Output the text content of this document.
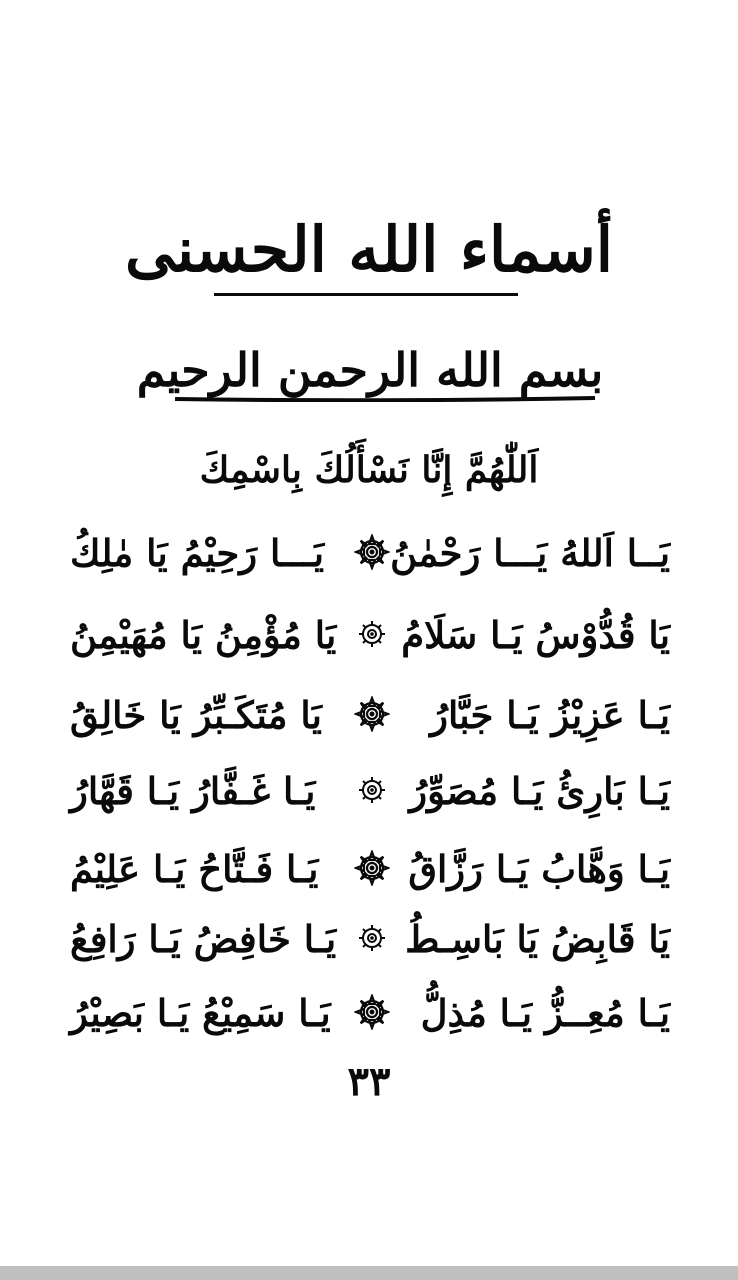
أسماء الله الحسنى
بسم الله الرحمن الرحيم
اَللّٰهُمَّ إِنَّا نَسْأَلُكَ بِاسْمِكَ
يَــا اَللهُ يَـــا رَحْمٰنُ
يَـــا رَحِيْمُ يَا مٰلِكُ
يَا قُدُّوْسُ يَـا سَلَامُ
يَا مُؤْمِنُ يَا مُهَيْمِنُ
يَـا عَزِيْزُ يَـا جَبَّارُ
يَا مُتَكَـبِّرُ يَا خَالِقُ
يَـا بَارِئُ يَـا مُصَوِّرُ
يَـا غَـفَّارُ يَـا قَهَّارُ
يَـا وَهَّابُ يَـا رَزَّاقُ
يَـا فَـتَّاحُ يَـا عَلِيْمُ
يَا قَابِضُ يَا بَاسِـطُ
يَـا خَافِضُ يَـا رَافِعُ
يَـا مُعِــزُّ يَـا مُذِلُّ
يَـا سَمِيْعُ يَـا بَصِيْرُ
٣٣
